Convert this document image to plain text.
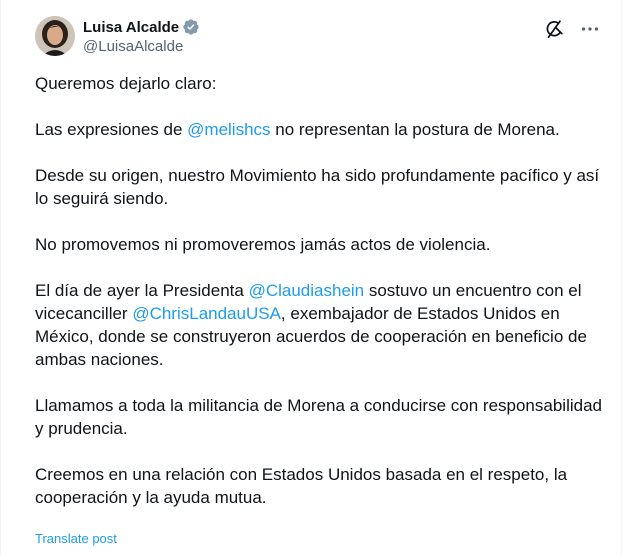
Luisa Alcalde
@LuisaAlcalde

Queremos dejarlo claro:

Las expresiones de @melishcs no representan la postura de Morena.

Desde su origen, nuestro Movimiento ha sido profundamente pacífico y así lo seguirá siendo.

No promovemos ni promoveremos jamás actos de violencia.

El día de ayer la Presidenta @Claudiashein sostuvo un encuentro con el vicecanciller @ChrisLandauUSA, exembajador de Estados Unidos en México, donde se construyeron acuerdos de cooperación en beneficio de ambas naciones.

Llamamos a toda la militancia de Morena a conducirse con responsabilidad y prudencia.

Creemos en una relación con Estados Unidos basada en el respeto, la cooperación y la ayuda mutua.

Translate post
